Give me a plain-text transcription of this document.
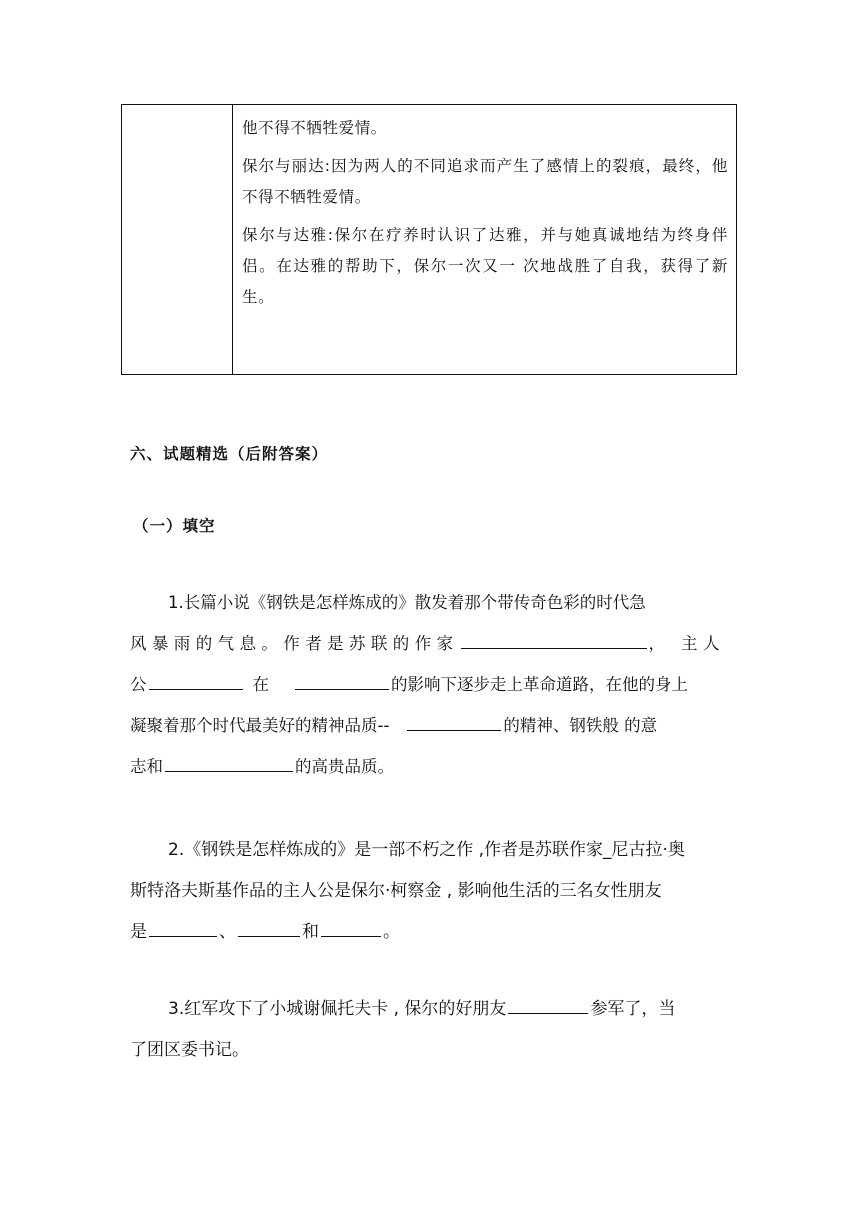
他不得不牺牲爱情。

保尔与丽达:因为两人的不同追求而产生了感情上的裂痕，最终，他不得不牺牲爱情。

保尔与达雅:保尔在疗养时认识了达雅，并与她真诚地结为终身伴侣。在达雅的帮助下，保尔一次又一 次地战胜了自我，获得了新生。

六、试题精选（后附答案）
（一）填空
1.长篇小说《钢铁是怎样炼成的》散发着那个带传奇色彩的时代急
风暴雨的气息。作者是苏联的作家	， 主人
公	在	的影响下逐步走上革命道路，在他的身上
凝聚着那个时代最美好的精神品质--	的精神、钢铁般 的意
志和	的高贵品质。
2.《钢铁是怎样炼成的》是一部不朽之作 ,作者是苏联作家_尼古拉·奥
斯特洛夫斯基作品的主人公是保尔·柯察金 , 影响他生活的三名女性朋友
是	、	和	。
3.红军攻下了小城谢佩托夫卡 , 保尔的好朋友	参军了，当
了团区委书记。
